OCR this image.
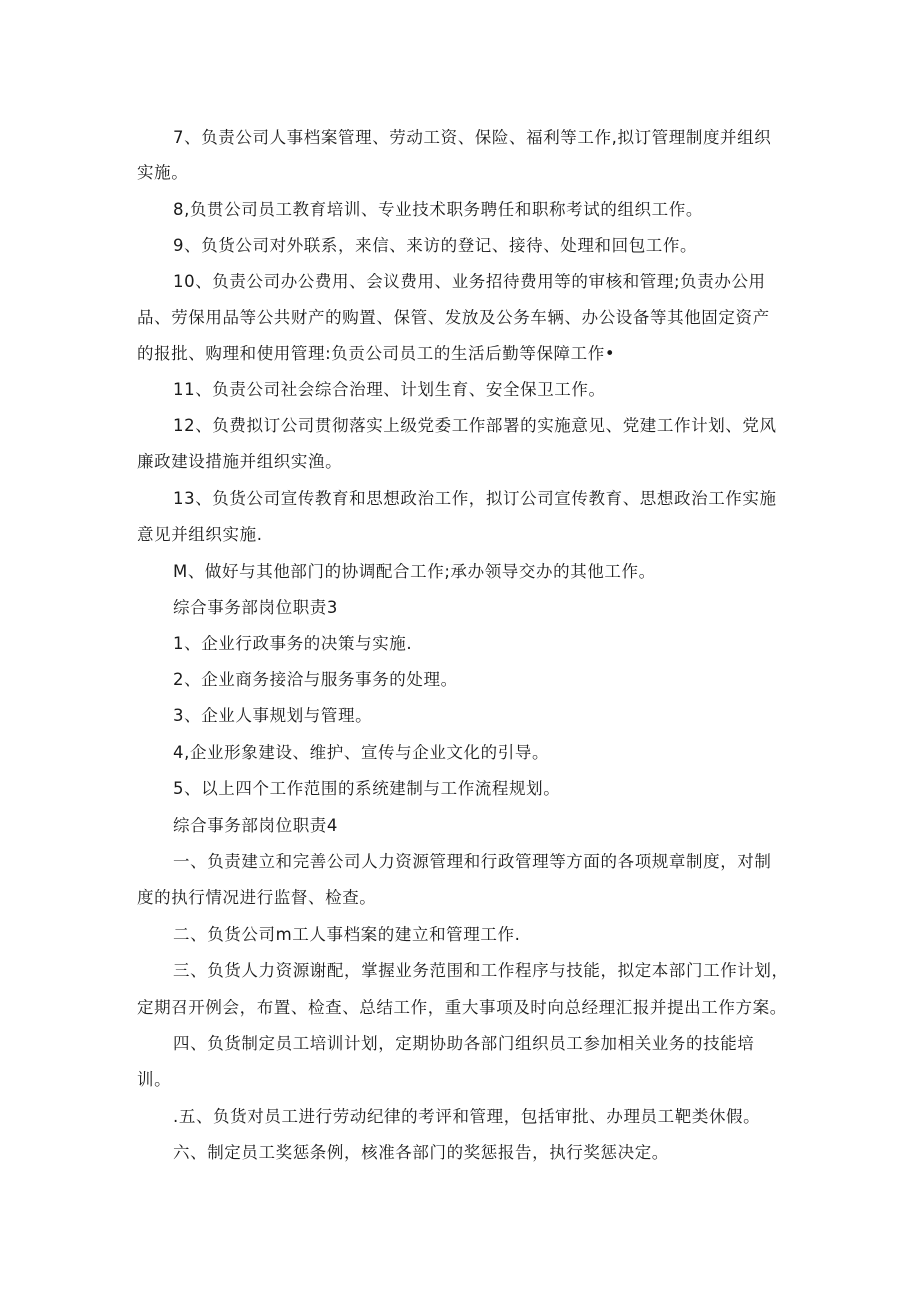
7、负责公司人事档案管理、劳动工资、保险、福利等工作,拟订管理制度并组织
实施。
8,负贯公司员工教育培训、专业技术职务聘任和职称考试的组织工作。
9、负货公司对外联系，来信、来访的登记、接待、处理和回包工作。
10、负责公司办公费用、会议费用、业务招待费用等的审核和管理;负责办公用
品、劳保用品等公共财产的购置、保管、发放及公务车辆、办公设备等其他固定资产
的报批、购理和使用管理:负贡公司员工的生活后勤等保障工作•
11、负责公司社会综合治理、计划生育、安全保卫工作。
12、负费拟订公司贯彻落实上级党委工作部署的实施意见、党建工作计划、党风
廉政建设措施并组织实渔。
13、负货公司宣传教育和思想政治工作，拟订公司宣传教育、思想政治工作实施
意见并组织实施.
M、做好与其他部门的协调配合工作;承办领导交办的其他工作。
综合事务部岗位职责3
1、企业行政事务的决策与实施.
2、企业商务接洽与服务事务的处理。
3、企业人事规划与管理。
4,企业形象建设、维护、宣传与企业文化的引导。
5、以上四个工作范围的系统建制与工作流程规划。
综合事务部岗位职责4
一、负责建立和完善公司人力资源管理和行政管理等方面的各项规章制度，对制
度的执行情况进行监督、检查。
二、负货公司m工人事档案的建立和管理工作.
三、负货人力资源谢配，掌握业务范围和工作程序与技能，拟定本部门工作计划，
定期召开例会，布置、检查、总结工作，重大事项及时向总经理汇报并提出工作方案。
四、负货制定员工培训计划，定期协助各部门组织员工参加相关业务的技能培
训。
.五、负货对员工进行劳动纪律的考评和管理，包括审批、办理员工靶类休假。
六、制定员工奖惩条例，核准各部门的奖惩报告，执行奖惩决定。
